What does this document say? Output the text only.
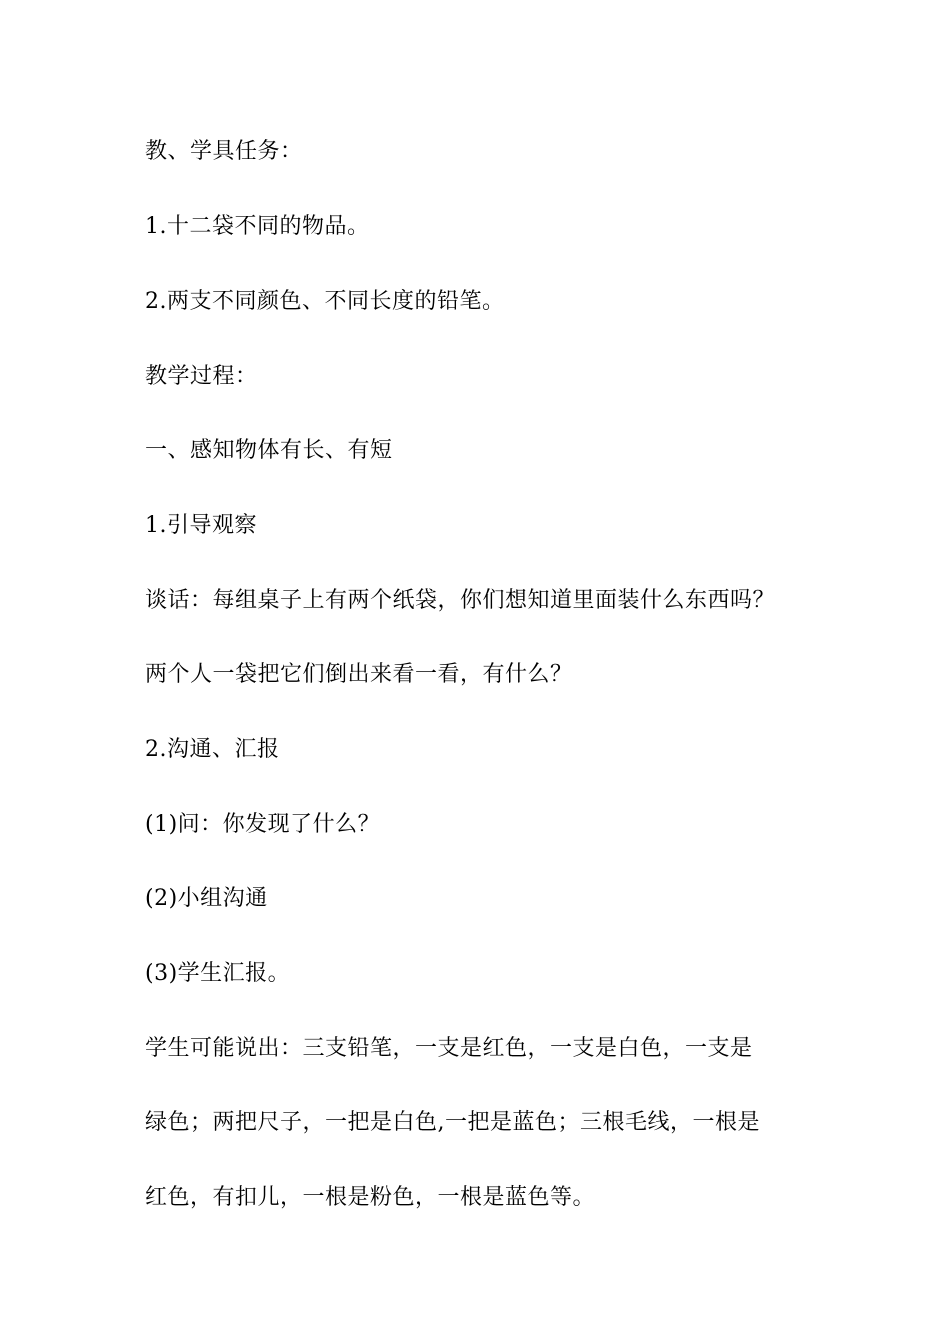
教、学具任务：
1.十二袋不同的物品。
2.两支不同颜色、不同长度的铅笔。
教学过程：
一、感知物体有长、有短
1.引导观察
谈话：每组桌子上有两个纸袋，你们想知道里面装什么东西吗？
两个人一袋把它们倒出来看一看，有什么？
2.沟通、汇报
(1)问：你发现了什么？
(2)小组沟通
(3)学生汇报。
学生可能说出：三支铅笔，一支是红色，一支是白色，一支是
绿色；两把尺子，一把是白色,一把是蓝色；三根毛线，一根是
红色，有扣儿，一根是粉色，一根是蓝色等。
